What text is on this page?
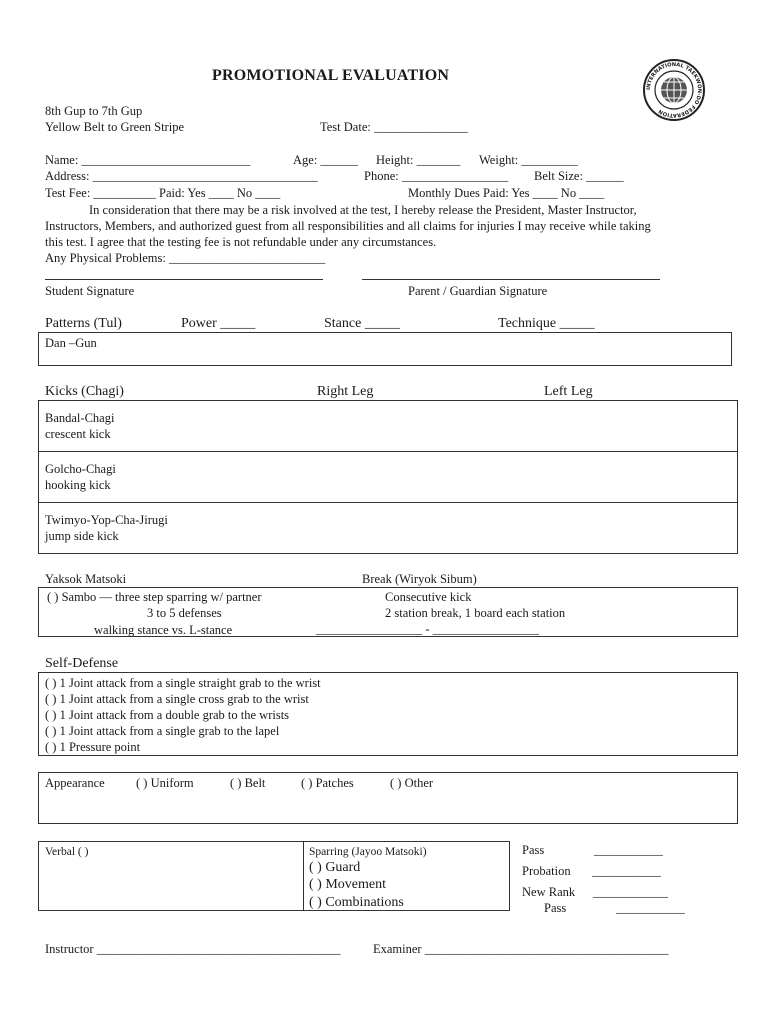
PROMOTIONAL EVALUATION
INTERNATIONAL TAEKWON-DO FEDERATION
8th Gup to 7th Gup
Yellow Belt to Green Stripe	Test Date: _______________
Name: ___________________________	Age: ______ Height: _______ Weight: _________
Address: ____________________________________	Phone: _________________ Belt Size: ______
Test Fee: __________ Paid: Yes ____ No ____	Monthly Dues Paid: Yes ____ No ____
In consideration that there may be a risk involved at the test, I hereby release the President, Master Instructor,
Instructors, Members, and authorized guest from all responsibilities and all claims for injuries I may receive while taking
this test. I agree that the testing fee is not refundable under any circumstances.
Any Physical Problems: _________________________
Student Signature	Parent / Guardian Signature
Patterns (Tul)	Power _____	Stance _____	Technique _____
Dan –Gun
Kicks (Chagi)	Right Leg	Left Leg
Bandal-Chagi
crescent kick
Golcho-Chagi
hooking kick
Twimyo-Yop-Cha-Jirugi
jump side kick
Yaksok Matsoki	Break (Wiryok Sibum)
( ) Sambo — three step sparring w/ partner
3 to 5 defenses
walking stance vs. L-stance
Consecutive kick
2 station break, 1 board each station
_________________ - _________________
Self-Defense
( ) 1 Joint attack from a single straight grab to the wrist
( ) 1 Joint attack from a single cross grab to the wrist
( ) 1 Joint attack from a double grab to the wrists
( ) 1 Joint attack from a single grab to the lapel
( ) 1 Pressure point
Appearance	( ) Uniform	( ) Belt	( ) Patches	( ) Other
Verbal ( )	Sparring (Jayoo Matsoki)
( ) Guard
( ) Movement
( ) Combinations
Pass	___________
Probation ___________
New Rank ____________
Pass	___________
Instructor _______________________________________	Examiner _______________________________________
